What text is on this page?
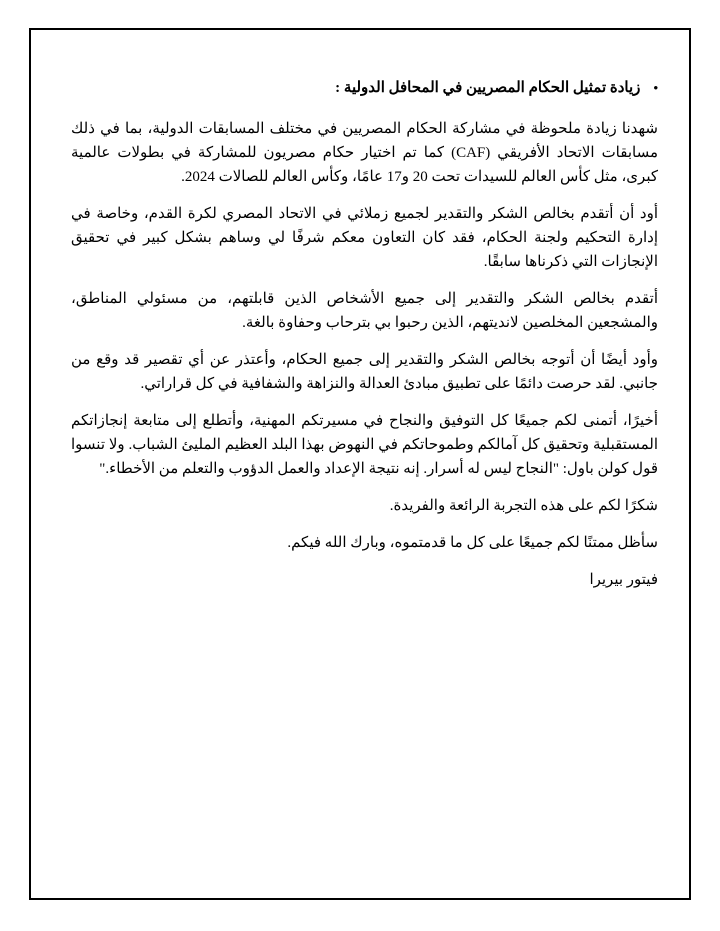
•
زيادة تمثيل الحكام المصريين في المحافل الدولية :

شهدنا زيادة ملحوظة في مشاركة الحكام المصريين في مختلف المسابقات الدولية، بما في ذلك مسابقات الاتحاد الأفريقي (CAF) كما تم اختيار حكام مصريون للمشاركة في بطولات عالمية كبرى، مثل كأس العالم للسيدات تحت 20 و17 عامًا، وكأس العالم للصالات 2024.

أود أن أتقدم بخالص الشكر والتقدير لجميع زملائي في الاتحاد المصري لكرة القدم، وخاصة في إدارة التحكيم ولجنة الحكام، فقد كان التعاون معكم شرفًا لي وساهم بشكل كبير في تحقيق الإنجازات التي ذكرناها سابقًا.

أتقدم بخالص الشكر والتقدير إلى جميع الأشخاص الذين قابلتهم، من مسئولي المناطق، والمشجعين المخلصين لانديتهم، الذين رحبوا بي بترحاب وحفاوة بالغة.

وأود أيضًا أن أتوجه بخالص الشكر والتقدير إلى جميع الحكام، وأعتذر عن أي تقصير قد وقع من جانبي. لقد حرصت دائمًا على تطبيق مبادئ العدالة والنزاهة والشفافية في كل قراراتي.

أخيرًا، أتمنى لكم جميعًا كل التوفيق والنجاح في مسيرتكم المهنية، وأتطلع إلى متابعة إنجازاتكم المستقبلية وتحقيق كل آمالكم وطموحاتكم في النهوض بهذا البلد العظيم المليئ الشباب. ولا تنسوا قول كولن باول: "النجاح ليس له أسرار. إنه نتيجة الإعداد والعمل الدؤوب والتعلم من الأخطاء."

شكرًا لكم على هذه التجربة الرائعة والفريدة.

سأظل ممتنًا لكم جميعًا على كل ما قدمتموه، وبارك الله فيكم.

فيتور بيريرا
